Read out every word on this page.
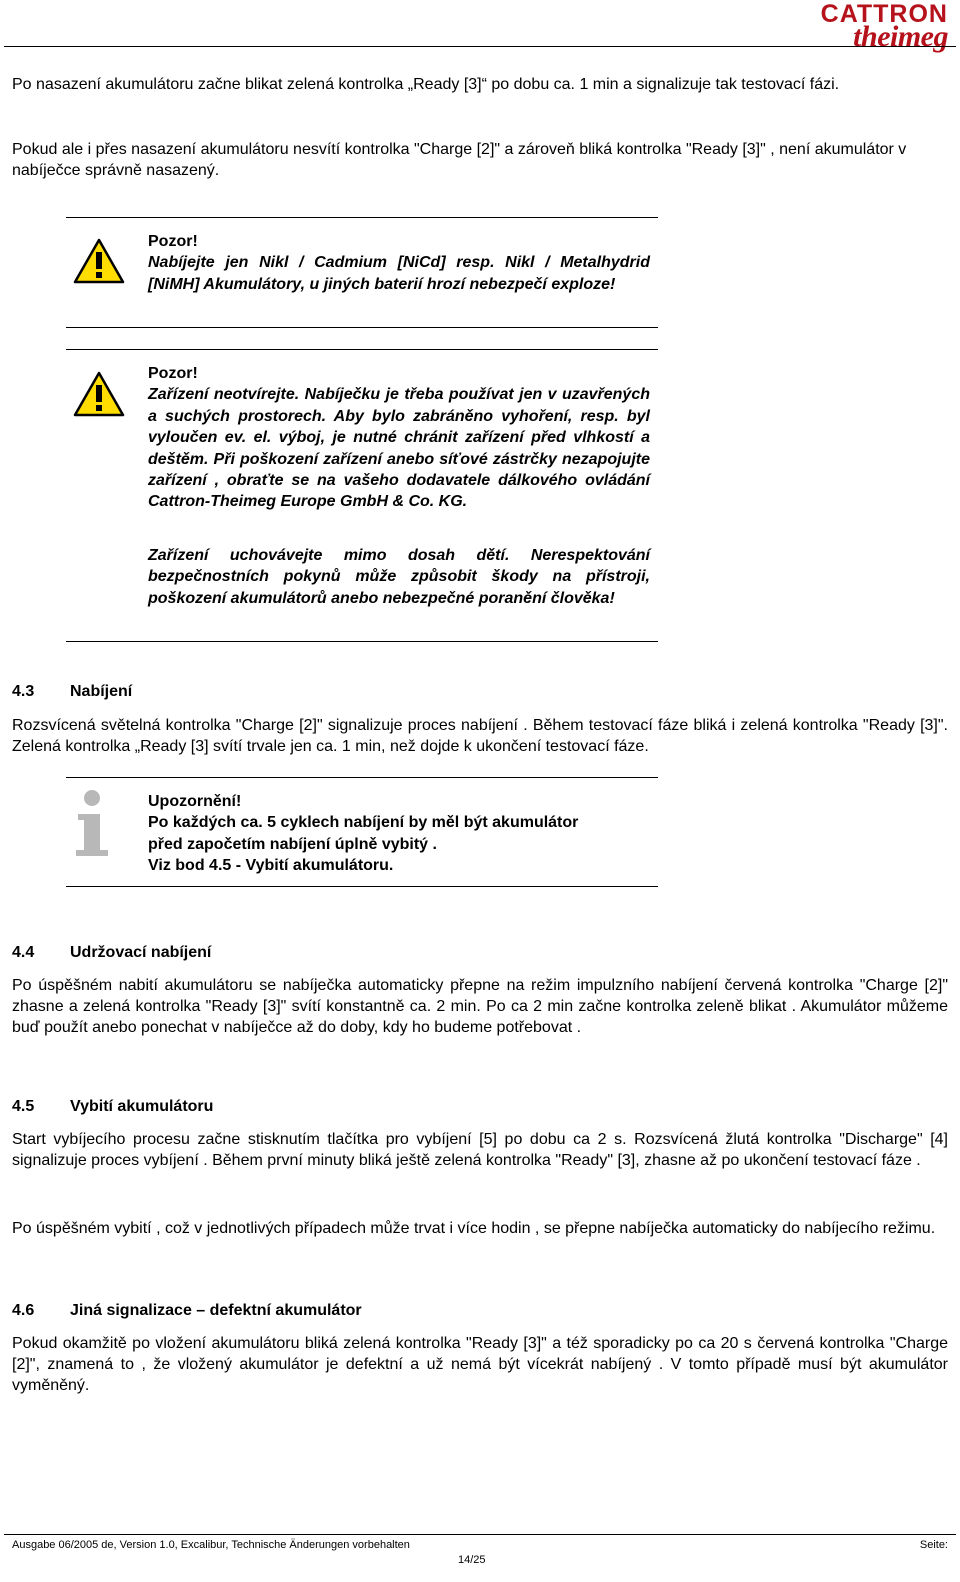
CATTRON
theimeg

Po nasazení akumulátoru začne blikat zelená kontrolka „Ready [3]“ po dobu ca. 1 min a signalizuje tak testovací fázi.

Pokud ale i přes nasazení akumulátoru nesvítí kontrolka "Charge [2]" a zároveň bliká kontrolka "Ready [3]" , není akumulátor v nabíječce správně nasazený.

Pozor!
Nabíjejte jen Nikl / Cadmium [NiCd] resp. Nikl / Metalhydrid [NiMH] Akumulátory, u jiných baterií hrozí nebezpečí exploze!
Pozor!
Zařízení neotvírejte. Nabíječku je třeba používat jen v uzavřených a suchých prostorech. Aby bylo zabráněno vyhoření, resp. byl vyloučen ev. el. výboj, je nutné chránit zařízení před vlhkostí a deštěm. Při poškození zařízení anebo síťové zástrčky nezapojujte zařízení , obraťte se na vašeho dodavatele dálkového ovládání Cattron-Theimeg Europe GmbH & Co. KG.
Zařízení uchovávejte mimo dosah dětí. Nerespektování bezpečnostních pokynů může způsobit škody na přístroji, poškození akumulátorů anebo nebezpečné poranění člověka!
4.3 Nabíjení

Rozsvícená světelná kontrolka "Charge [2]" signalizuje proces nabíjení . Během testovací fáze bliká i zelená kontrolka "Ready [3]". Zelená kontrolka „Ready [3] svítí trvale jen ca. 1 min, než dojde k ukončení testovací fáze.

Upozornění!
Po každých ca. 5 cyklech nabíjení by měl být akumulátor
před započetím nabíjení úplně vybitý .
Viz bod 4.5 - Vybití akumulátoru.
4.4 Udržovací nabíjení

Po úspěšném nabití akumulátoru se nabíječka automaticky přepne na režim impulzního nabíjení červená kontrolka "Charge [2]" zhasne a zelená kontrolka "Ready [3]" svítí konstantně ca. 2 min. Po ca 2 min začne kontrolka zeleně blikat . Akumulátor můžeme buď použít anebo ponechat v nabíječce až do doby, kdy ho budeme potřebovat .

4.5 Vybití akumulátoru

Start vybíjecího procesu začne stisknutím tlačítka pro vybíjení [5] po dobu ca 2 s. Rozsvícená žlutá kontrolka "Discharge" [4] signalizuje proces vybíjení . Během první minuty bliká ještě zelená kontrolka "Ready" [3], zhasne až po ukončení testovací fáze .

Po úspěšném vybití , což v jednotlivých případech může trvat i více hodin , se přepne nabíječka automaticky do nabíjecího režimu.

4.6 Jiná signalizace – defektní akumulátor

Pokud okamžitě po vložení akumulátoru bliká zelená kontrolka "Ready [3]" a též sporadicky po ca 20 s červená kontrolka "Charge [2]", znamená to , že vložený akumulátor je defektní a už nemá být vícekrát nabíjený . V tomto případě musí být akumulátor vyměněný.

Ausgabe 06/2005 de, Version 1.0, Excalibur, Technische Änderungen vorbehalten	Seite:
14/25
